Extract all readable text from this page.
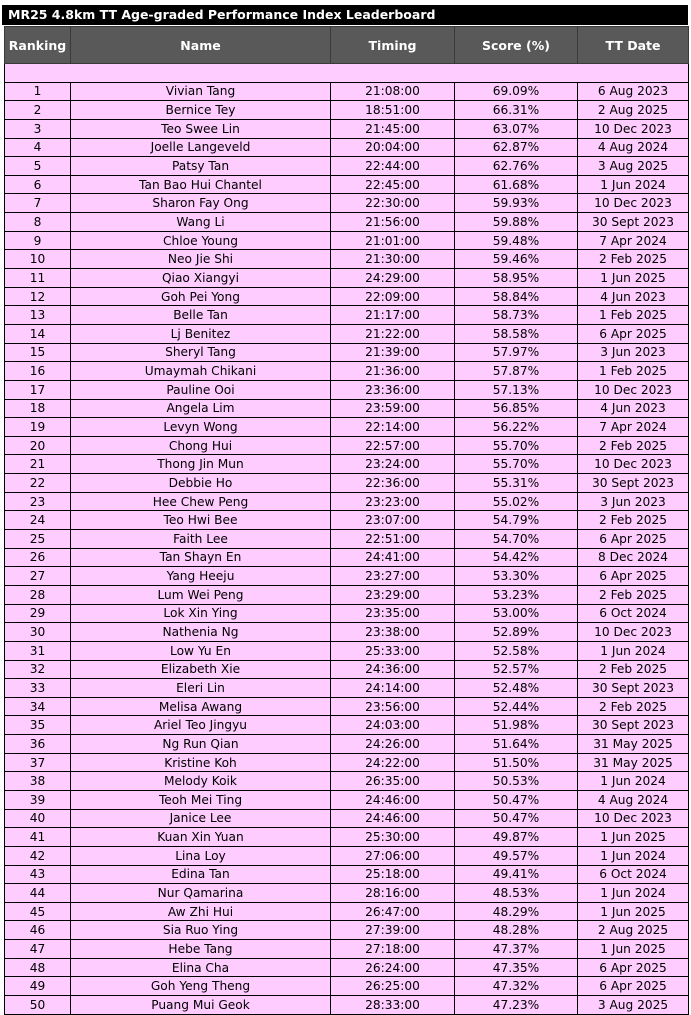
MR25 4.8km TT Age-graded Performance Index Leaderboard
Ranking	Name	Timing	Score (%)	TT Date

1	Vivian Tang	21:08:00	69.09%	6 Aug 2023
2	Bernice Tey	18:51:00	66.31%	2 Aug 2025
3	Teo Swee Lin	21:45:00	63.07%	10 Dec 2023
4	Joelle Langeveld	20:04:00	62.87%	4 Aug 2024
5	Patsy Tan	22:44:00	62.76%	3 Aug 2025
6	Tan Bao Hui Chantel	22:45:00	61.68%	1 Jun 2024
7	Sharon Fay Ong	22:30:00	59.93%	10 Dec 2023
8	Wang Li	21:56:00	59.88%	30 Sept 2023
9	Chloe Young	21:01:00	59.48%	7 Apr 2024
10	Neo Jie Shi	21:30:00	59.46%	2 Feb 2025
11	Qiao Xiangyi	24:29:00	58.95%	1 Jun 2025
12	Goh Pei Yong	22:09:00	58.84%	4 Jun 2023
13	Belle Tan	21:17:00	58.73%	1 Feb 2025
14	Lj Benitez	21:22:00	58.58%	6 Apr 2025
15	Sheryl Tang	21:39:00	57.97%	3 Jun 2023
16	Umaymah Chikani	21:36:00	57.87%	1 Feb 2025
17	Pauline Ooi	23:36:00	57.13%	10 Dec 2023
18	Angela Lim	23:59:00	56.85%	4 Jun 2023
19	Levyn Wong	22:14:00	56.22%	7 Apr 2024
20	Chong Hui	22:57:00	55.70%	2 Feb 2025
21	Thong Jin Mun	23:24:00	55.70%	10 Dec 2023
22	Debbie Ho	22:36:00	55.31%	30 Sept 2023
23	Hee Chew Peng	23:23:00	55.02%	3 Jun 2023
24	Teo Hwi Bee	23:07:00	54.79%	2 Feb 2025
25	Faith Lee	22:51:00	54.70%	6 Apr 2025
26	Tan Shayn En	24:41:00	54.42%	8 Dec 2024
27	Yang Heeju	23:27:00	53.30%	6 Apr 2025
28	Lum Wei Peng	23:29:00	53.23%	2 Feb 2025
29	Lok Xin Ying	23:35:00	53.00%	6 Oct 2024
30	Nathenia Ng	23:38:00	52.89%	10 Dec 2023
31	Low Yu En	25:33:00	52.58%	1 Jun 2024
32	Elizabeth Xie	24:36:00	52.57%	2 Feb 2025
33	Eleri Lin	24:14:00	52.48%	30 Sept 2023
34	Melisa Awang	23:56:00	52.44%	2 Feb 2025
35	Ariel Teo Jingyu	24:03:00	51.98%	30 Sept 2023
36	Ng Run Qian	24:26:00	51.64%	31 May 2025
37	Kristine Koh	24:22:00	51.50%	31 May 2025
38	Melody Koik	26:35:00	50.53%	1 Jun 2024
39	Teoh Mei Ting	24:46:00	50.47%	4 Aug 2024
40	Janice Lee	24:46:00	50.47%	10 Dec 2023
41	Kuan Xin Yuan	25:30:00	49.87%	1 Jun 2025
42	Lina Loy	27:06:00	49.57%	1 Jun 2024
43	Edina Tan	25:18:00	49.41%	6 Oct 2024
44	Nur Qamarina	28:16:00	48.53%	1 Jun 2024
45	Aw Zhi Hui	26:47:00	48.29%	1 Jun 2025
46	Sia Ruo Ying	27:39:00	48.28%	2 Aug 2025
47	Hebe Tang	27:18:00	47.37%	1 Jun 2025
48	Elina Cha	26:24:00	47.35%	6 Apr 2025
49	Goh Yeng Theng	26:25:00	47.32%	6 Apr 2025
50	Puang Mui Geok	28:33:00	47.23%	3 Aug 2025
